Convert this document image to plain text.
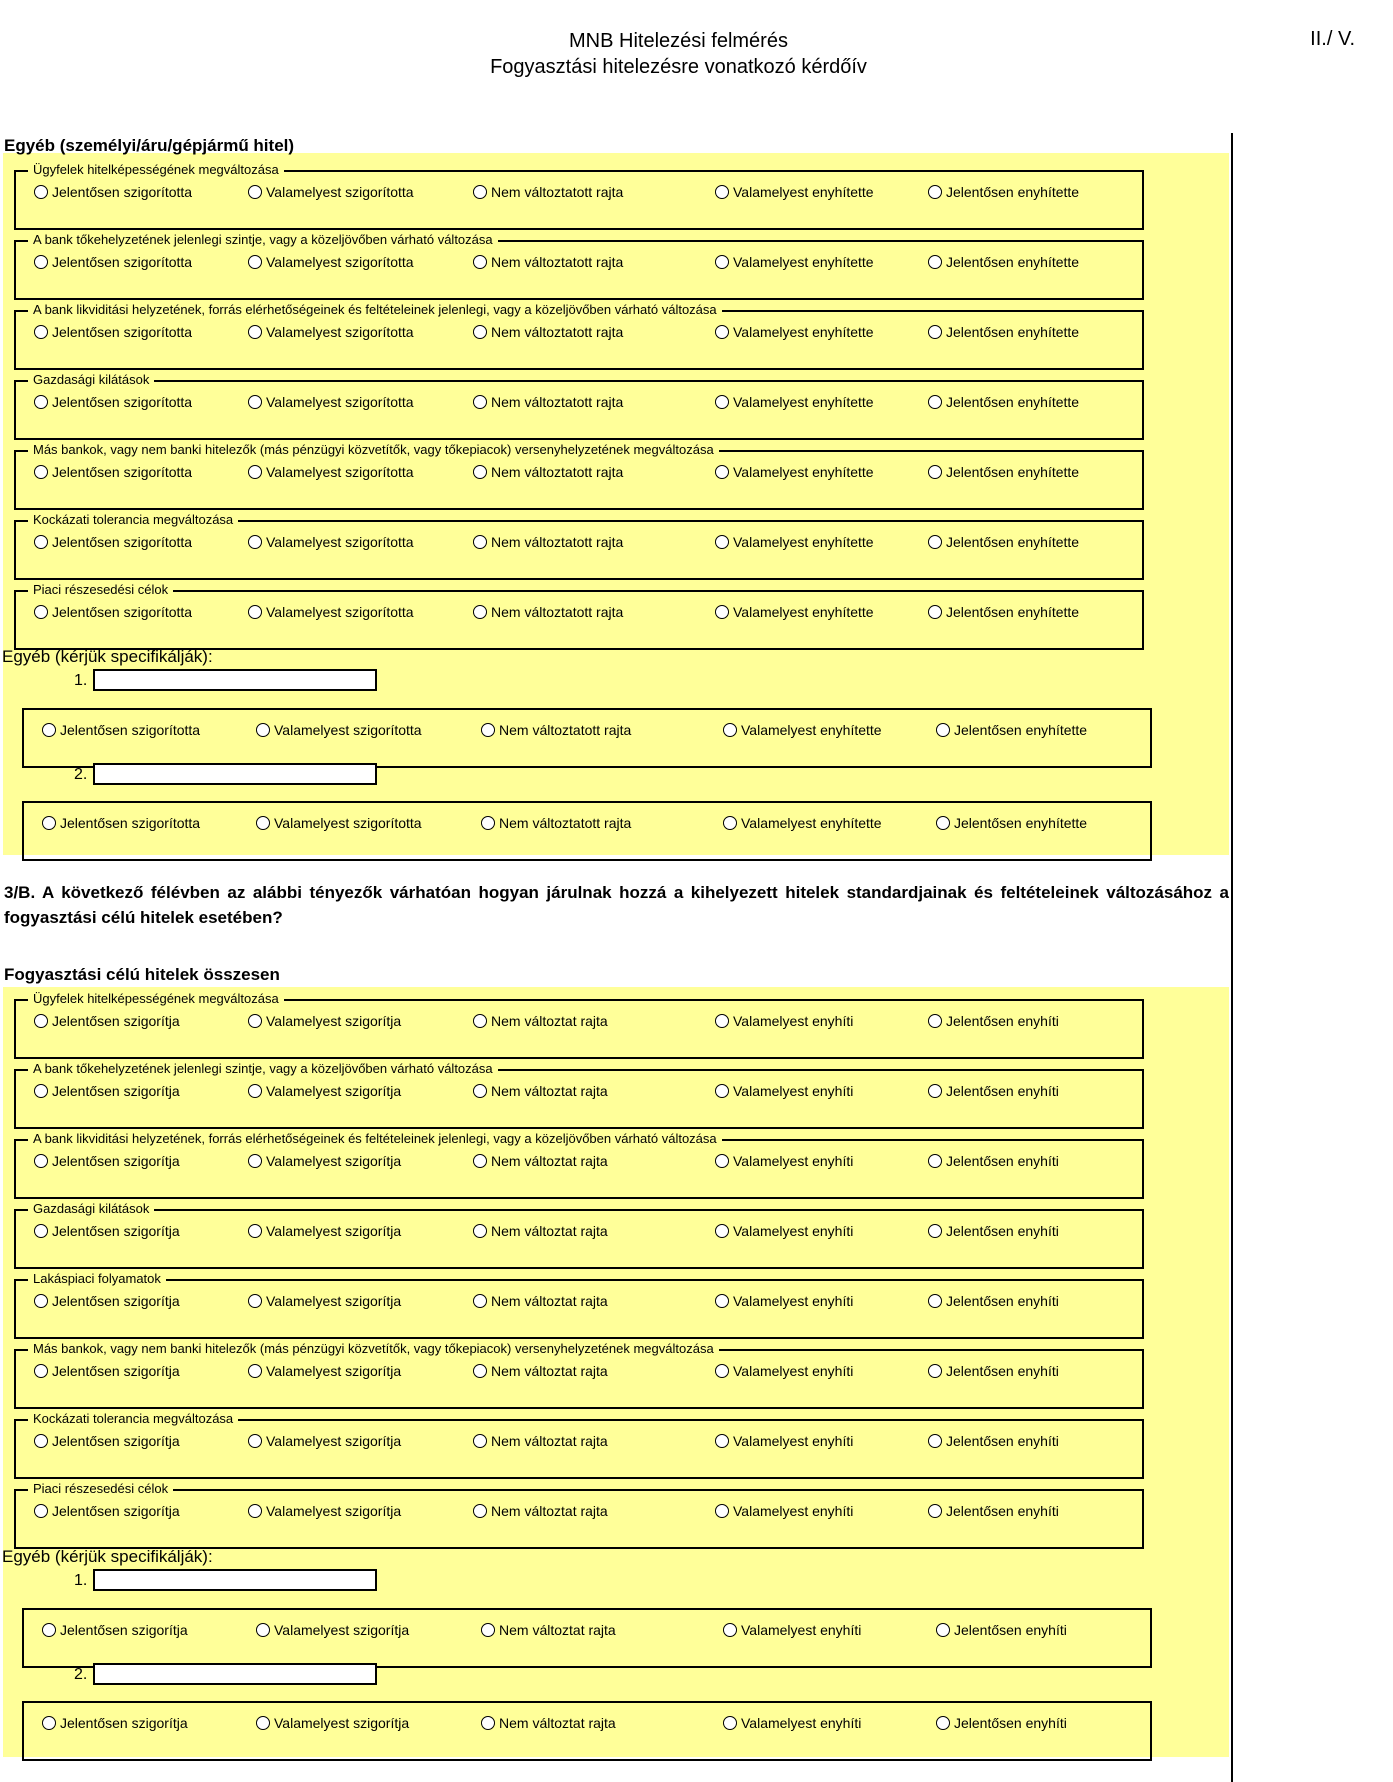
MNB Hitelezési felmérés
Fogyasztási hitelezésre vonatkozó kérdőív
II./ V.
Egyéb (személyi/áru/gépjármű hitel)
Ügyfelek hitelképességének megváltozása
Jelentősen szigorította	Valamelyest szigorította	Nem változtatott rajta	Valamelyest enyhítette	Jelentősen enyhítette
A bank tőkehelyzetének jelenlegi szintje, vagy a közeljövőben várható változása
Jelentősen szigorította	Valamelyest szigorította	Nem változtatott rajta	Valamelyest enyhítette	Jelentősen enyhítette
A bank likviditási helyzetének, forrás elérhetőségeinek és feltételeinek jelenlegi, vagy a közeljövőben várható változása
Jelentősen szigorította	Valamelyest szigorította	Nem változtatott rajta	Valamelyest enyhítette	Jelentősen enyhítette
Gazdasági kilátások
Jelentősen szigorította	Valamelyest szigorította	Nem változtatott rajta	Valamelyest enyhítette	Jelentősen enyhítette
Más bankok, vagy nem banki hitelezők (más pénzügyi közvetítők, vagy tőkepiacok) versenyhelyzetének megváltozása
Jelentősen szigorította	Valamelyest szigorította	Nem változtatott rajta	Valamelyest enyhítette	Jelentősen enyhítette
Kockázati tolerancia megváltozása
Jelentősen szigorította	Valamelyest szigorította	Nem változtatott rajta	Valamelyest enyhítette	Jelentősen enyhítette
Piaci részesedési célok
Jelentősen szigorította	Valamelyest szigorította	Nem változtatott rajta	Valamelyest enyhítette	Jelentősen enyhítette
Egyéb (kérjük specifikálják):
1.
Jelentősen szigorította	Valamelyest szigorította	Nem változtatott rajta	Valamelyest enyhítette	Jelentősen enyhítette
Jelentősen szigorította	Valamelyest szigorította	Nem változtatott rajta	Valamelyest enyhítette	Jelentősen enyhítette
2.
3/B. A következő félévben az alábbi tényezők várhatóan hogyan járulnak hozzá a kihelyezett hitelek standardjainak és feltételeinek változásához a fogyasztási célú hitelek esetében?
Fogyasztási célú hitelek összesen
Ügyfelek hitelképességének megváltozása
Jelentősen szigorítja	Valamelyest szigorítja	Nem változtat rajta	Valamelyest enyhíti	Jelentősen enyhíti
A bank tőkehelyzetének jelenlegi szintje, vagy a közeljövőben várható változása
Jelentősen szigorítja	Valamelyest szigorítja	Nem változtat rajta	Valamelyest enyhíti	Jelentősen enyhíti
A bank likviditási helyzetének, forrás elérhetőségeinek és feltételeinek jelenlegi, vagy a közeljövőben várható változása
Jelentősen szigorítja	Valamelyest szigorítja	Nem változtat rajta	Valamelyest enyhíti	Jelentősen enyhíti
Gazdasági kilátások
Jelentősen szigorítja	Valamelyest szigorítja	Nem változtat rajta	Valamelyest enyhíti	Jelentősen enyhíti
Lakáspiaci folyamatok
Jelentősen szigorítja	Valamelyest szigorítja	Nem változtat rajta	Valamelyest enyhíti	Jelentősen enyhíti
Más bankok, vagy nem banki hitelezők (más pénzügyi közvetítők, vagy tőkepiacok) versenyhelyzetének megváltozása
Jelentősen szigorítja	Valamelyest szigorítja	Nem változtat rajta	Valamelyest enyhíti	Jelentősen enyhíti
Kockázati tolerancia megváltozása
Jelentősen szigorítja	Valamelyest szigorítja	Nem változtat rajta	Valamelyest enyhíti	Jelentősen enyhíti
Piaci részesedési célok
Jelentősen szigorítja	Valamelyest szigorítja	Nem változtat rajta	Valamelyest enyhíti	Jelentősen enyhíti
Egyéb (kérjük specifikálják):
1.
Jelentősen szigorítja	Valamelyest szigorítja	Nem változtat rajta	Valamelyest enyhíti	Jelentősen enyhíti
Jelentősen szigorítja	Valamelyest szigorítja	Nem változtat rajta	Valamelyest enyhíti	Jelentősen enyhíti
2.
